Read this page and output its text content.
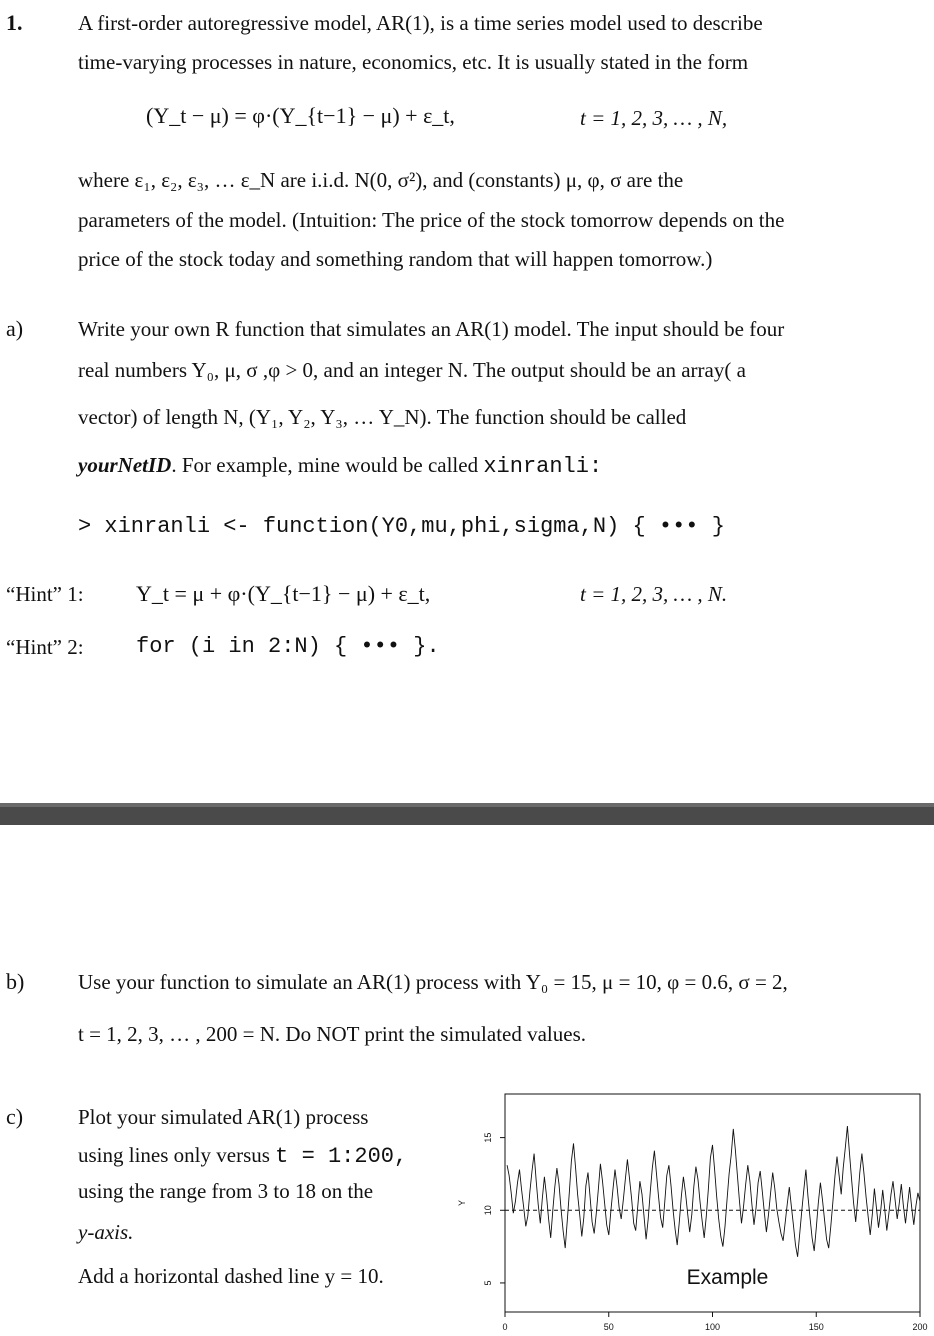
1.	A first-order autoregressive model, AR(1), is a time series model used to describe
time-varying processes in nature, economics, etc. It is usually stated in the form
(Y_t − μ) = φ·(Y_{t−1} − μ) + ε_t,	t = 1, 2, 3, … , N,
where ε₁, ε₂, ε₃, … ε_N are i.i.d. N(0, σ²), and (constants) μ, φ, σ are the
parameters of the model. (Intuition: The price of the stock tomorrow depends on the
price of the stock today and something random that will happen tomorrow.)
a)	Write your own R function that simulates an AR(1) model. The input should be four
real numbers Y₀, μ, σ ,φ > 0, and an integer N. The output should be an array( a
vector) of length N, (Y₁, Y₂, Y₃, … Y_N). The function should be called
yourNetID. For example, mine would be called xinranli:
> xinranli <- function(Y0,mu,phi,sigma,N) { ••• }
“Hint” 1: Y_t = μ + φ·(Y_{t−1} − μ) + ε_t,	t = 1, 2, 3, … , N.
“Hint” 2: for (i in 2:N) { ••• }.
b)	Use your function to simulate an AR(1) process with Y₀ = 15, μ = 10, φ = 0.6, σ = 2,
t = 1, 2, 3, … , 200 = N. Do NOT print the simulated values.
c)	Plot your simulated AR(1) process
using lines only versus t = 1:200,
using the range from 3 to 18 on the
y-axis.
Add a horizontal dashed line y = 10.
0	50	100	150	200
5
10
15
Y
Example
